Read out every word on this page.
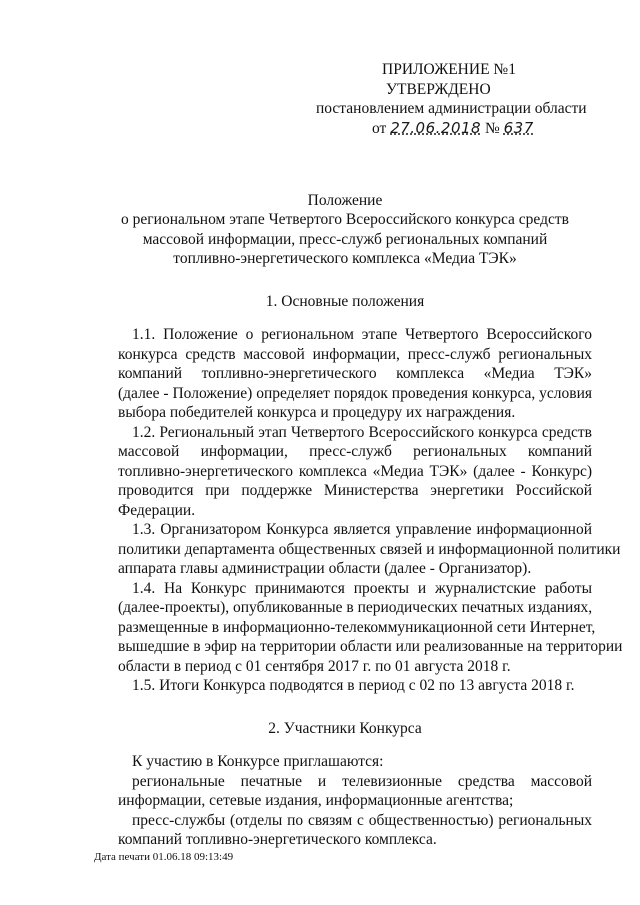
ПРИЛОЖЕНИЕ №1
УТВЕРЖДЕНО
постановлением администрации области
от 27.06.2018 № 637
Положение
о региональном этапе Четвертого Всероссийского конкурса средств
массовой информации, пресс-служб региональных компаний
топливно-энергетического комплекса «Медиа ТЭК»
1. Основные положения
1.1. Положение о региональном этапе Четвертого Всероссийского
конкурса средств массовой информации, пресс-служб региональных
компаний топливно-энергетического комплекса «Медиа ТЭК»
(далее - Положение) определяет порядок проведения конкурса, условия
выбора победителей конкурса и процедуру их награждения.
1.2. Региональный этап Четвертого Всероссийского конкурса средств
массовой информации, пресс-служб региональных компаний
топливно-энергетического комплекса «Медиа ТЭК» (далее - Конкурс)
проводится при поддержке Министерства энергетики Российской
Федерации.
1.3. Организатором Конкурса является управление информационной
политики департамента общественных связей и информационной политики
аппарата главы администрации области (далее - Организатор).
1.4. На Конкурс принимаются проекты и журналистские работы
(далее-проекты), опубликованные в периодических печатных изданиях,
размещенные в информационно-телекоммуникационной сети Интернет,
вышедшие в эфир на территории области или реализованные на территории
области в период с 01 сентября 2017 г. по 01 августа 2018 г.
1.5. Итоги Конкурса подводятся в период с 02 по 13 августа 2018 г.
2. Участники Конкурса
К участию в Конкурсе приглашаются:
региональные печатные и телевизионные средства массовой
информации, сетевые издания, информационные агентства;
пресс-службы (отделы по связям с общественностью) региональных
компаний топливно-энергетического комплекса.
Дата печати 01.06.18 09:13:49
